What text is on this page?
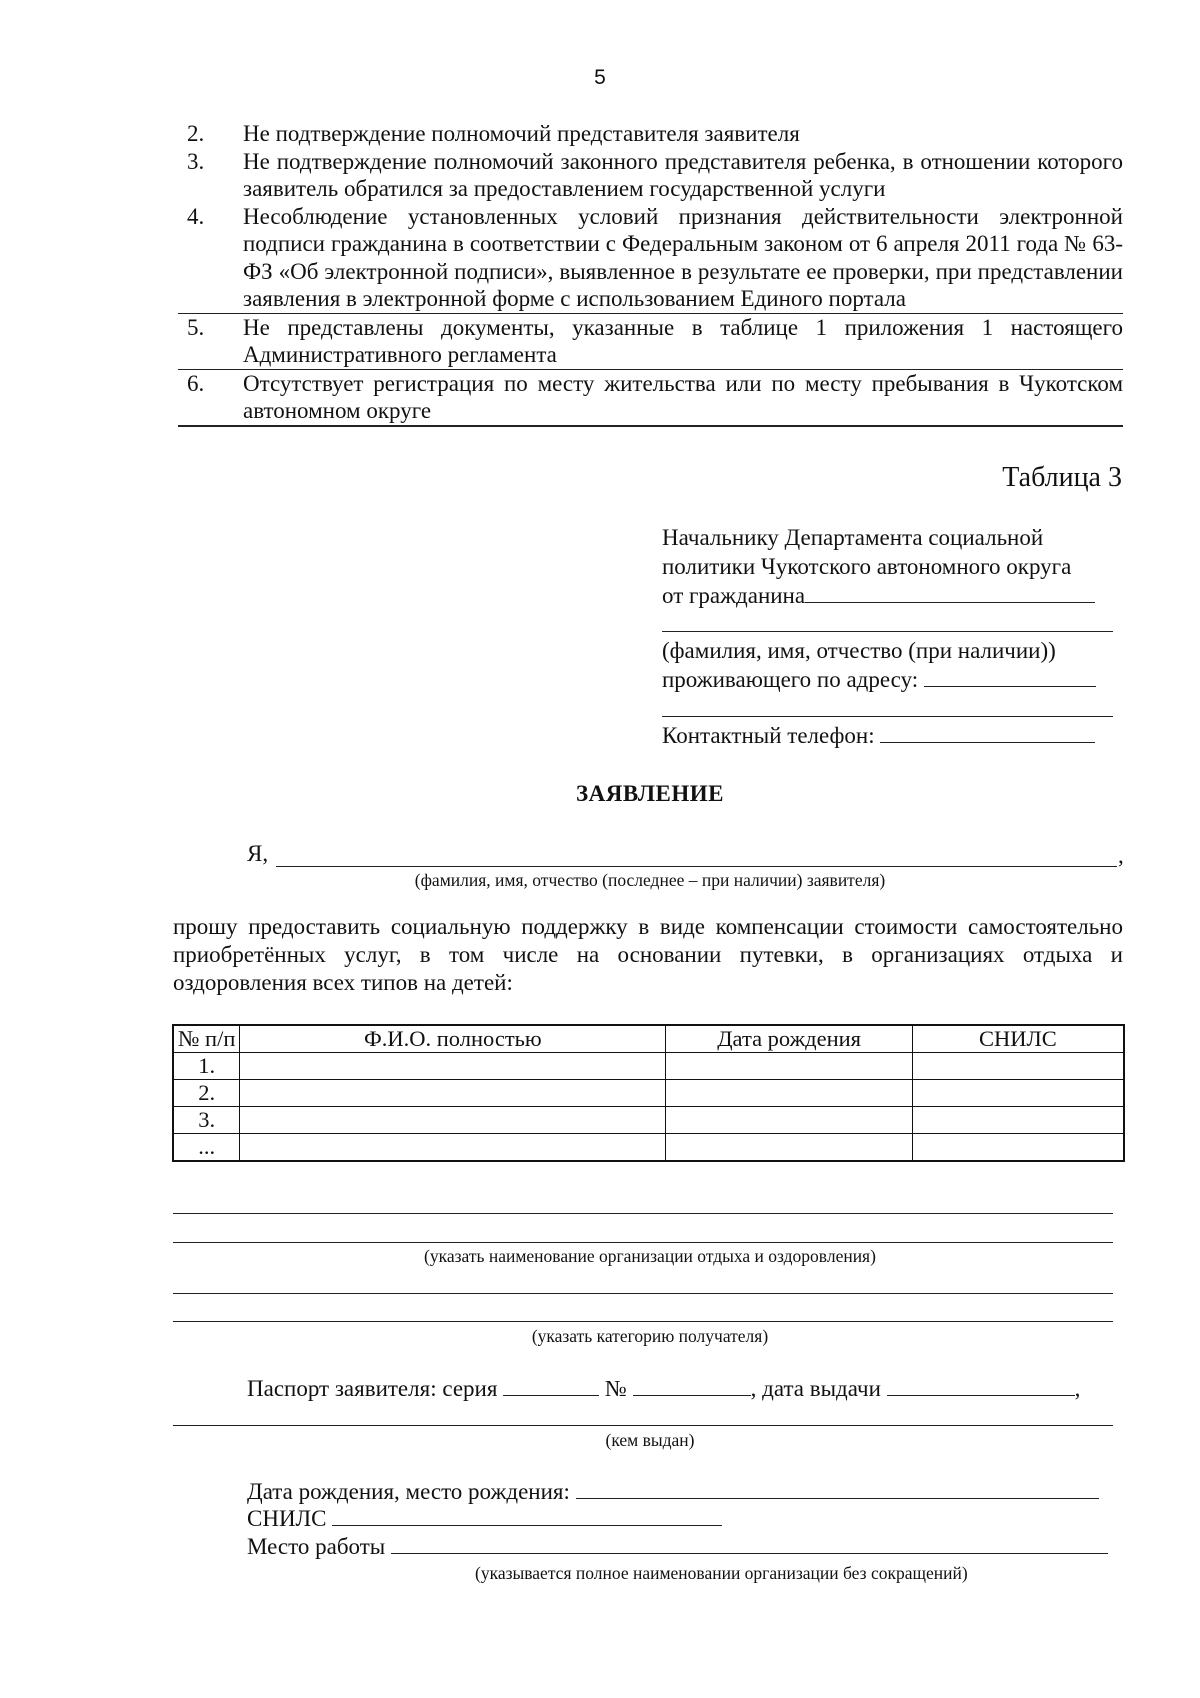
5
2. Не подтверждение полномочий представителя заявителя
3. Не подтверждение полномочий законного представителя ребенка, в отношении которого заявитель обратился за предоставлением государственной услуги
4. Несоблюдение установленных условий признания действительности электронной подписи гражданина в соответствии с Федеральным законом от 6 апреля 2011 года № 63-ФЗ «Об электронной подписи», выявленное в результате ее проверки, при представлении заявления в электронной форме с использованием Единого портала
5. Не представлены документы, указанные в таблице 1 приложения 1 настоящего Административного регламента
6. Отсутствует регистрация по месту жительства или по месту пребывания в Чукотском автономном округе
Таблица 3
Начальнику Департамента социальной
политики Чукотского автономного округа
от гражданина
(фамилия, имя, отчество (при наличии))
проживающего по адресу:
Контактный телефон:
ЗАЯВЛЕНИЕ
Я,	,
(фамилия, имя, отчество (последнее – при наличии) заявителя)
прошу предоставить социальную поддержку в виде компенсации стоимости самостоятельно приобретённых услуг, в том числе на основании путевки, в организациях отдыха и оздоровления всех типов на детей:
№ п/п	Ф.И.О. полностью	Дата рождения	СНИЛС
1.			
2.			
3.			
...			
(указать наименование организации отдыха и оздоровления)
(указать категорию получателя)
Паспорт заявителя: серия	№	, дата выдачи	,
(кем выдан)
Дата рождения, место рождения:
СНИЛС
Место работы
(указывается полное наименовании организации без сокращений)
